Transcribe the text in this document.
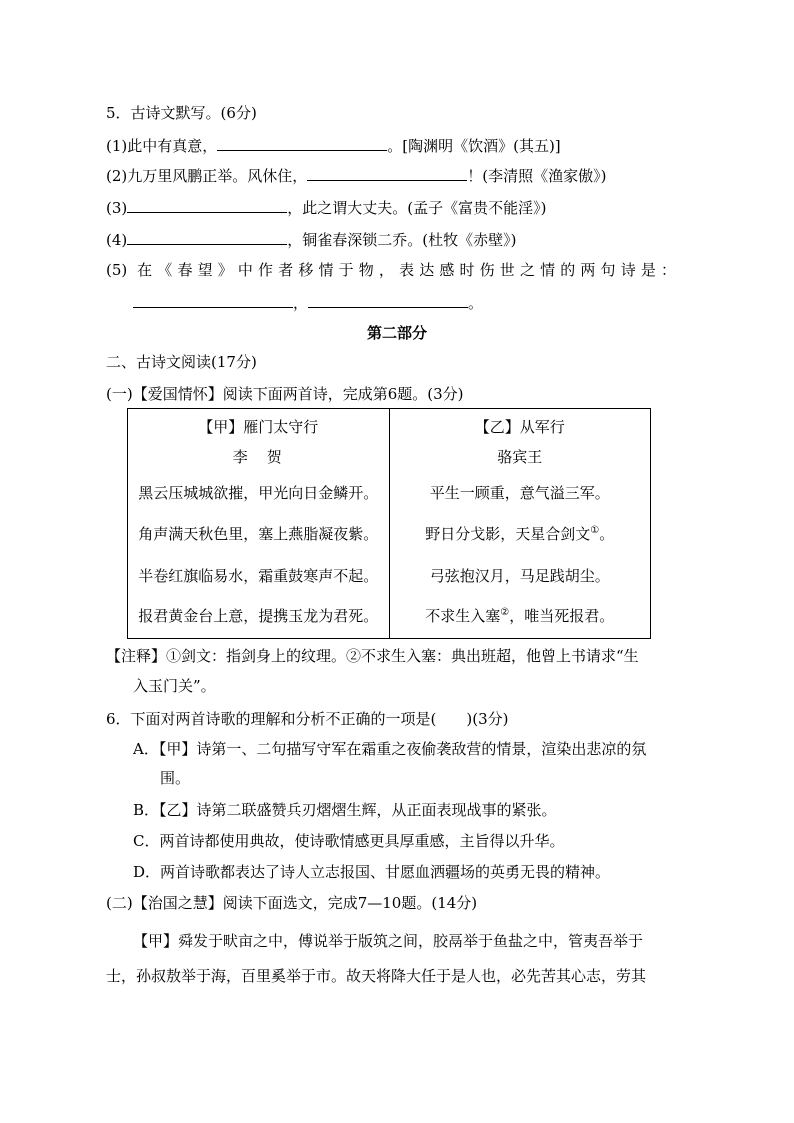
5．古诗文默写。(6分)
(1)此中有真意，	。[陶渊明《饮酒》(其五)]
(2)九万里风鹏正举。风休住，	！(李清照《渔家傲》)
(3)	，此之谓大丈夫。(孟子《富贵不能淫》)
(4)	，铜雀春深锁二乔。(杜牧《赤壁》)
(5) 在《春望》中作者移情于物，表达感时伤世之情的两句诗是：
，	。
第二部分
二、古诗文阅读(17分)
(一)【爱国情怀】阅读下面两首诗，完成第6题。(3分)
【甲】雁门太守行
李　贺
黑云压城城欲摧，甲光向日金鳞开。
角声满天秋色里，塞上燕脂凝夜紫。
半卷红旗临易水，霜重鼓寒声不起。
报君黄金台上意，提携玉龙为君死。

【乙】从军行
骆宾王
平生一顾重，意气溢三军。
野日分戈影，天星合剑文①。
弓弦抱汉月，马足践胡尘。
不求生入塞②，唯当死报君。
【注释】①剑文：指剑身上的纹理。②不求生入塞：典出班超，他曾上书请求“生
入玉门关”。
6．下面对两首诗歌的理解和分析不正确的一项是(　　)(3分)
A．【甲】诗第一、二句描写守军在霜重之夜偷袭敌营的情景，渲染出悲凉的氛
围。
B．【乙】诗第二联盛赞兵刃熠熠生辉，从正面表现战事的紧张。
C．两首诗都使用典故，使诗歌情感更具厚重感，主旨得以升华。
D．两首诗歌都表达了诗人立志报国、甘愿血洒疆场的英勇无畏的精神。
(二)【治国之慧】阅读下面选文，完成7—10题。(14分)
【甲】舜发于畎亩之中，傅说举于版筑之间，胶鬲举于鱼盐之中，管夷吾举于
士，孙叔敖举于海，百里奚举于市。故天将降大任于是人也，必先苦其心志，劳其
